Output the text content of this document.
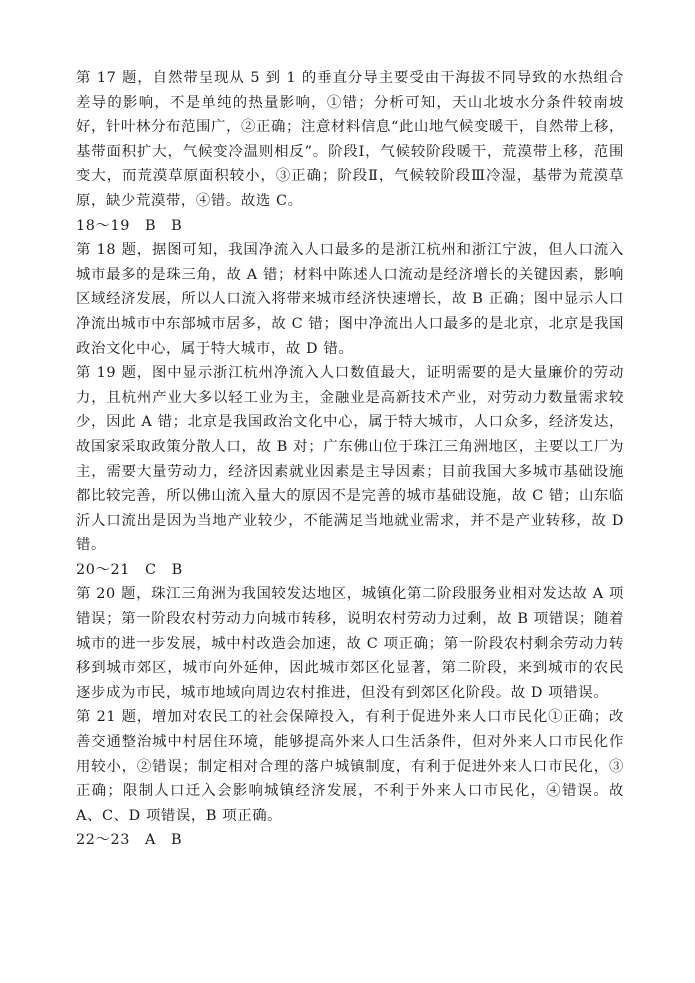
第 17 题，自然带呈现从 5 到 1 的垂直分导主要受由干海拔不同导致的水热组合差导的影响，不是单纯的热量影响，①错；分析可知，天山北坡水分条件较南坡好，针叶林分布范围广，②正确；注意材料信息“此山地气候变暖干，自然带上移，基带面积扩大，气候变冷温则相反”。阶段Ⅰ，气候较阶段暖干，荒漠带上移，范围变大，而荒漠草原面积较小，③正确；阶段Ⅱ，气候较阶段Ⅲ冷湿，基带为荒漠草原，缺少荒漠带，④错。故选 C。

18～19　B　B

第 18 题，据图可知，我国净流入人口最多的是浙江杭州和浙江宁波，但人口流入城市最多的是珠三角，故 A 错；材料中陈述人口流动是经济增长的关键因素，影响区域经济发展，所以人口流入将带来城市经济快速增长，故 B 正确；图中显示人口净流出城市中东部城市居多，故 C 错；图中净流出人口最多的是北京，北京是我国政治文化中心，属于特大城市，故 D 错。

第 19 题，图中显示浙江杭州净流入人口数值最大，证明需要的是大量廉价的劳动力，且杭州产业大多以轻工业为主，金融业是高新技术产业，对劳动力数量需求较少，因此 A 错；北京是我国政治文化中心，属于特大城市，人口众多，经济发达，故国家采取政策分散人口，故 B 对；广东佛山位于珠江三角洲地区，主要以工厂为主，需要大量劳动力，经济因素就业因素是主导因素；目前我国大多城市基础设施都比较完善，所以佛山流入量大的原因不是完善的城市基础设施，故 C 错；山东临沂人口流出是因为当地产业较少，不能满足当地就业需求，并不是产业转移，故 D 错。

20～21　C　B

第 20 题，珠江三角洲为我国较发达地区，城镇化第二阶段服务业相对发达故 A 项错误；第一阶段农村劳动力向城市转移，说明农村劳动力过剩，故 B 项错误；随着城市的进一步发展，城中村改造会加速，故 C 项正确；第一阶段农村剩余劳动力转移到城市郊区，城市向外延伸，因此城市郊区化显著，第二阶段，来到城市的农民逐步成为市民，城市地域向周边农村推进，但没有到郊区化阶段。故 D 项错误。

第 21 题，增加对农民工的社会保障投入，有利于促进外来人口市民化①正确；改善交通整治城中村居住环境，能够提高外来人口生活条件，但对外来人口市民化作用较小，②错误；制定相对合理的落户城镇制度，有利于促进外来人口市民化，③正确；限制人口迁入会影响城镇经济发展，不利于外来人口市民化，④错误。故 A、C、D 项错误，B 项正确。

22～23　A　B
